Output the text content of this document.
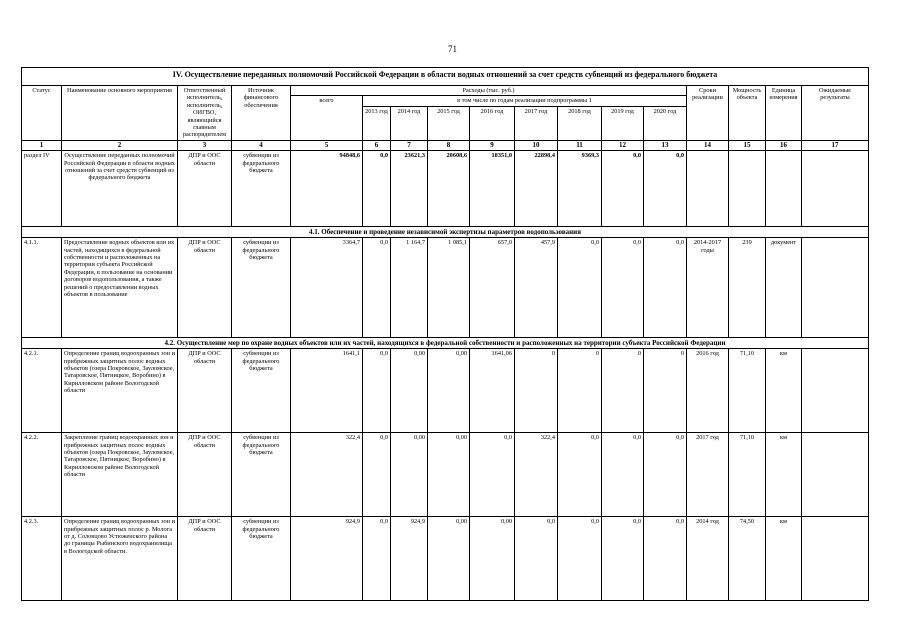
71
IV. Осуществление переданных полномочий Российской Федерации в области водных отношений за счет средств субвенций из федерального бюджета																
Статус	Наименование основного мероприятия	Ответственный исполнитель, исполнитель, ОИГВО, являющийся главным распорядителем	Источник финансового обеспечения	Расходы (тыс. руб.)									Сроки реализации	Мощность объекта	Единица измерения	Ожидаемые результаты
				всего	в том числе по годам реализации подпрограммы 1											
					2013 год	2014 год	2015 год	2016 год	2017 год	2018 год	2019 год	2020 год				
1	2	3	4	5	6	7	8	9	10	11	12	13	14	15	16	17
раздел IV	Осуществление переданных полномочий Российской Федерации в области водных отношений за счет средств субвенций из федерального бюджета	ДПР и ООС области	субвенции из федерального бюджета	94848,6	0,0	23621,3	20608,6	18351,0	22898,4	9369,3	0,0	0,0				
4.1. Обеспечение и проведение независимой экспертизы параметров водопользования																
4.1.1.	Предоставление водных объектов или их частей, находящихся в федеральной собственности и расположенных на территории субъекта Российской Федерации, в пользование на основании договоров водопользования, а также решений о предоставлении водных объектов в пользование	ДПР и ООС области	субвенции из федерального бюджета	3364,7	0,0	1 164,7	1 085,1	657,0	457,9	0,0	0,0	0,0	2014-2017 годы	239	документ	
4.2. Осуществление мер по охране водных объектов или их частей, находящихся в федеральной собственности и расположенных на территории субъекта Российской Федерации																
4.2.1.	Определение границ водоохранных зон и прибрежных защитных полос водных объектов (озера Покровское, Зауломское, Татаровское, Пятницкое, Воробино) в Кирилловском районе Вологодской области	ДПР и ООС области	субвенции из федерального бюджета	1641,1	0,0	0,00	0,00	1641,06	0	0	0	0	2016 год	71,10	км	
4.2.2.	Закрепление границ водоохранных зон и прибрежных защитных полос водных объектов (озера Покровское, Зауломское, Татаровское, Пятницкое, Воробино) в Кирилловском районе Вологодской области	ДПР и ООС области	субвенции из федерального бюджета	322,4	0,0	0,00	0,00	0,0	322,4	0,0	0,0	0,0	2017 год	71,10	км	
4.2.3.	Определение границ водоохранных зон и прибрежных защитных полос р. Молога от д. Соловцово Устюженского района до границы Рыбинского водохранилища в Вологодской области.	ДПР и ООС области	субвенции из федерального бюджета	924,9	0,0	924,9	0,00	0,00	0,0	0,0	0,0	0,0	2014 год	74,50	км	
